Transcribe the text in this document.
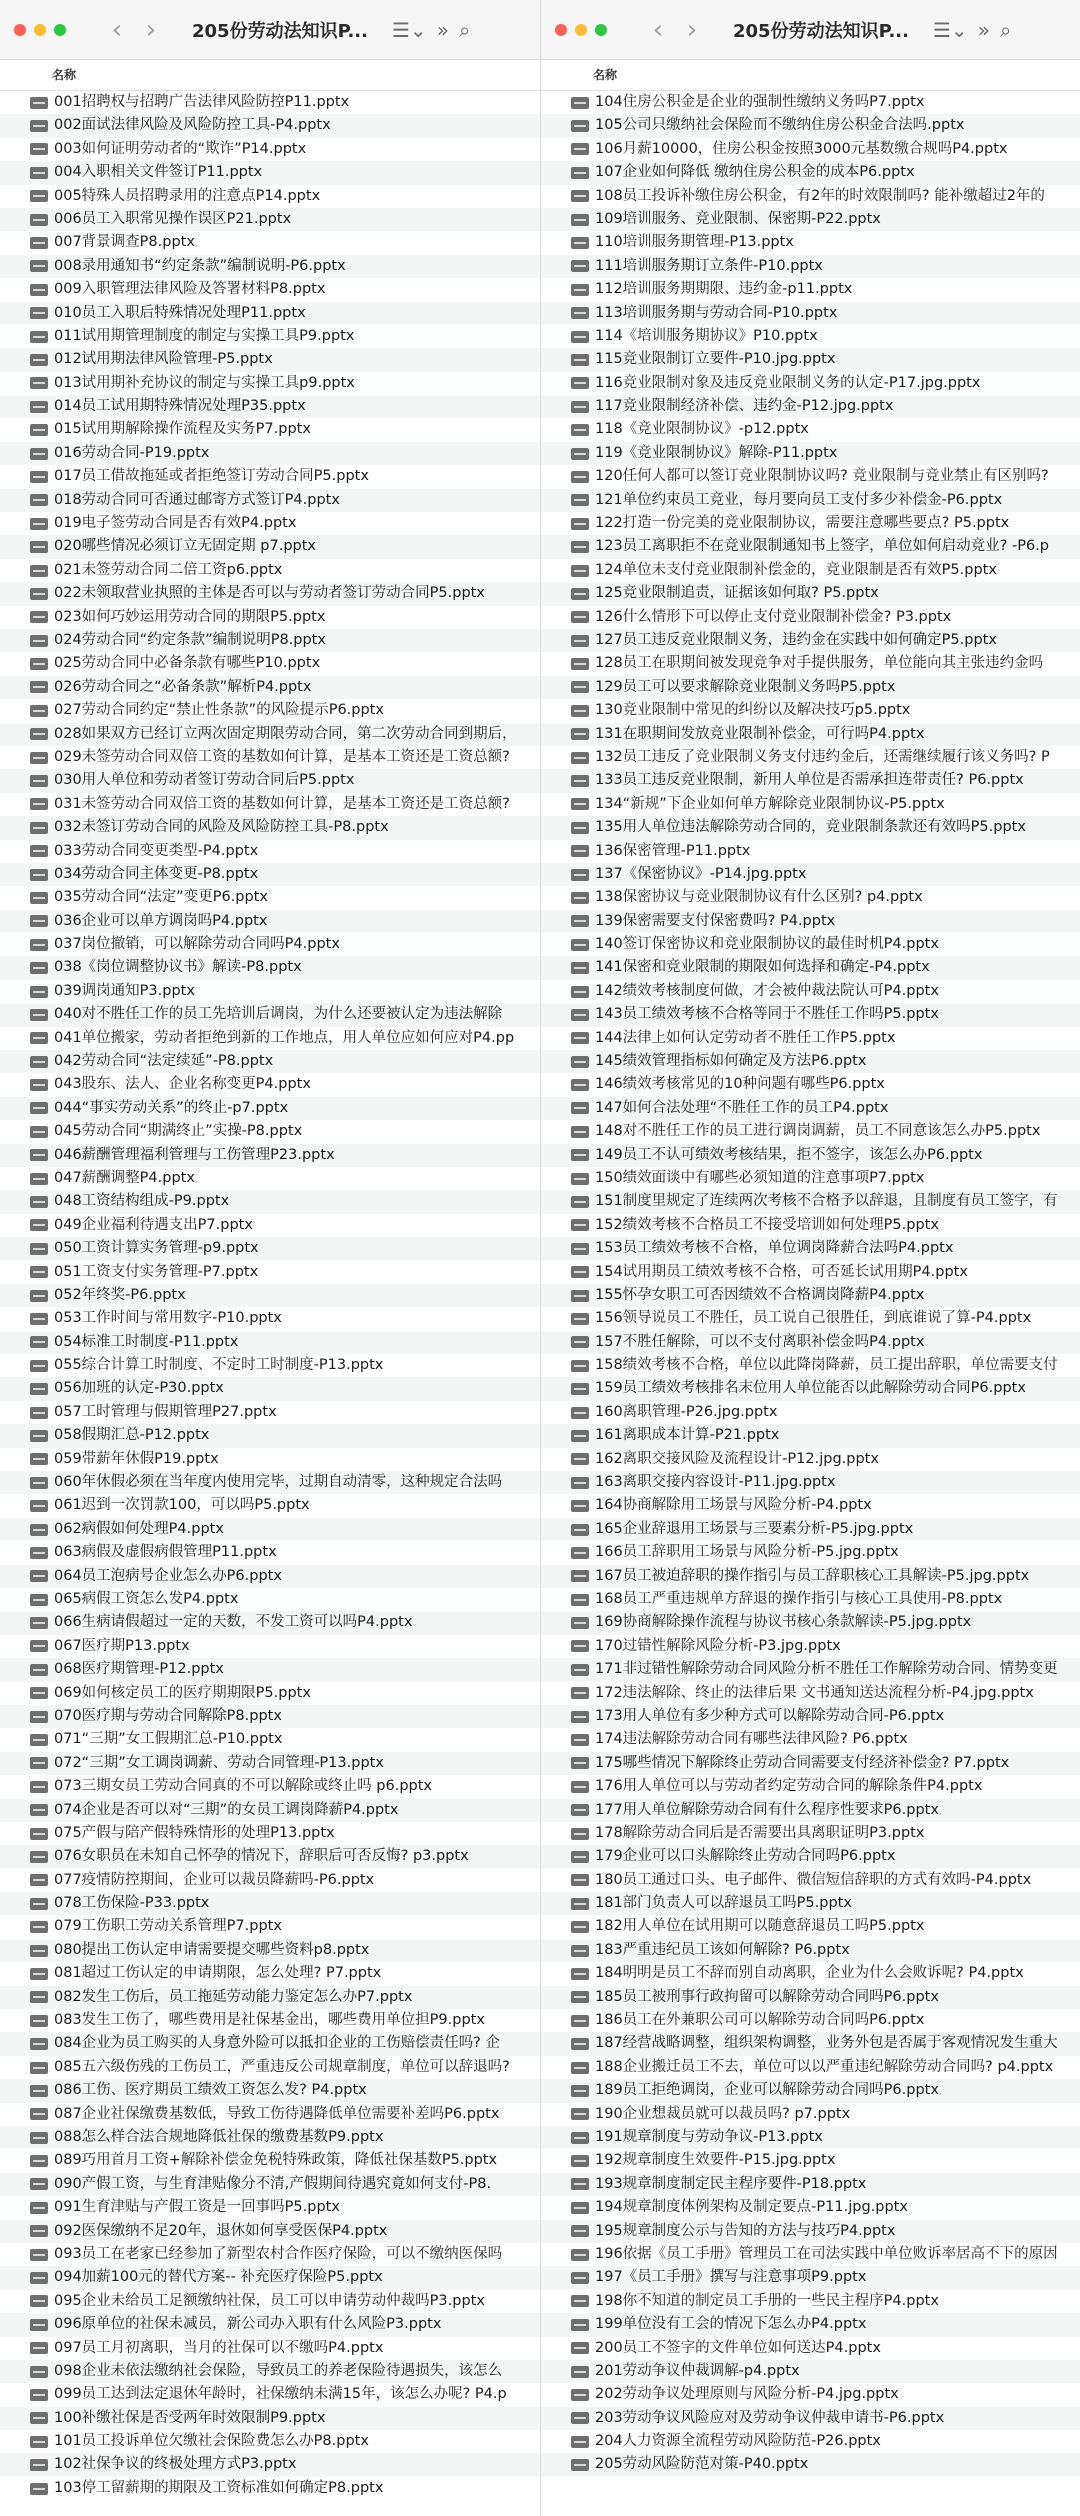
‹ ›	205份劳动法知识P...	☰⌄ » ⌕
名称
001招聘权与招聘广告法律风险防控P11.pptx
002面试法律风险及风险防控工具-P4.pptx
003如何证明劳动者的“欺诈”P14.pptx
004入职相关文件签订P11.pptx
005特殊人员招聘录用的注意点P14.pptx
006员工入职常见操作误区P21.pptx
007背景调查P8.pptx
008录用通知书“约定条款”编制说明-P6.pptx
009入职管理法律风险及答署材料P8.pptx
010员工入职后特殊情况处理P11.pptx
011试用期管理制度的制定与实操工具P9.pptx
012试用期法律风险管理-P5.pptx
013试用期补充协议的制定与实操工具p9.pptx
014员工试用期特殊情况处理P35.pptx
015试用期解除操作流程及实务P7.pptx
016劳动合同-P19.pptx
017员工借故拖延或者拒绝签订劳动合同P5.pptx
018劳动合同可否通过邮寄方式签订P4.pptx
019电子签劳动合同是否有效P4.pptx
020哪些情况必须订立无固定期 p7.pptx
021未签劳动合同二倍工资p6.pptx
022未领取营业执照的主体是否可以与劳动者签订劳动合同P5.pptx
023如何巧妙运用劳动合同的期限P5.pptx
024劳动合同“约定条款”编制说明P8.pptx
025劳动合同中必备条款有哪些P10.pptx
026劳动合同之“必备条款”解析P4.pptx
027劳动合同约定“禁止性条款”的风险提示P6.pptx
028如果双方已经订立两次固定期限劳动合同，第二次劳动合同到期后，
029未签劳动合同双倍工资的基数如何计算，是基本工资还是工资总额?
030用人单位和劳动者签订劳动合同后P5.pptx
031未签劳动合同双倍工资的基数如何计算，是基本工资还是工资总额?
032未签订劳动合同的风险及风险防控工具-P8.pptx
033劳动合同变更类型-P4.pptx
034劳动合同主体变更-P8.pptx
035劳动合同“法定”变更P6.pptx
036企业可以单方调岗吗P4.pptx
037岗位撤销，可以解除劳动合同吗P4.pptx
038《岗位调整协议书》解读-P8.pptx
039调岗通知P3.pptx
040对不胜任工作的员工先培训后调岗，为什么还要被认定为违法解除
041单位搬家，劳动者拒绝到新的工作地点，用人单位应如何应对P4.pp
042劳动合同“法定续延”-P8.pptx
043股东、法人、企业名称变更P4.pptx
044“事实劳动关系”的终止-p7.pptx
045劳动合同“期满终止”实操-P8.pptx
046薪酬管理福利管理与工伤管理P23.pptx
047薪酬调整P4.pptx
048工资结构组成-P9.pptx
049企业福利待遇支出P7.pptx
050工资计算实务管理-p9.pptx
051工资支付实务管理-P7.pptx
052年终奖-P6.pptx
053工作时间与常用数字-P10.pptx
054标准工时制度-P11.pptx
055综合计算工时制度、不定时工时制度-P13.pptx
056加班的认定-P30.pptx
057工时管理与假期管理P27.pptx
058假期汇总-P12.pptx
059带薪年休假P19.pptx
060年休假必须在当年度内使用完毕，过期自动清零，这种规定合法吗
061迟到一次罚款100，可以吗P5.pptx
062病假如何处理P4.pptx
063病假及虚假病假管理P11.pptx
064员工泡病号企业怎么办P6.pptx
065病假工资怎么发P4.pptx
066生病请假超过一定的天数，不发工资可以吗P4.pptx
067医疗期P13.pptx
068医疗期管理-P12.pptx
069如何核定员工的医疗期期限P5.pptx
070医疗期与劳动合同解除P8.pptx
071“三期”女工假期汇总-P10.pptx
072“三期”女工调岗调薪、劳动合同管理-P13.pptx
073三期女员工劳动合同真的不可以解除或终止吗 p6.pptx
074企业是否可以对“三期”的女员工调岗降薪P4.pptx
075产假与陪产假特殊情形的处理P13.pptx
076女职员在未知自己怀孕的情况下，辞职后可否反悔? p3.pptx
077疫情防控期间，企业可以裁员降薪吗-P6.pptx
078工伤保险-P33.pptx
079工伤职工劳动关系管理P7.pptx
080提出工伤认定申请需要提交哪些资料p8.pptx
081超过工伤认定的申请期限，怎么处理? P7.pptx
082发生工伤后，员工拖延劳动能力鉴定怎么办P7.pptx
083发生工伤了，哪些费用是社保基金出，哪些费用单位担P9.pptx
084企业为员工购买的人身意外险可以抵扣企业的工伤赔偿责任吗? 企
085五六级伤残的工伤员工，严重违反公司规章制度，单位可以辞退吗?
086工伤、医疗期员工绩效工资怎么发? P4.pptx
087企业社保缴费基数低，导致工伤待遇降低单位需要补差吗P6.pptx
088怎么样合法合规地降低社保的缴费基数P9.pptx
089巧用首月工资+解除补偿金免税特殊政策，降低社保基数P5.pptx
090产假工资，与生育津贴像分不清,产假期间待遇究竟如何支付-P8.
091生育津贴与产假工资是一回事吗P5.pptx
092医保缴纳不足20年，退休如何享受医保P4.pptx
093员工在老家已经参加了新型农村合作医疗保险，可以不缴纳医保吗
094加薪100元的替代方案-- 补充医疗保险P5.pptx
095企业未给员工足额缴纳社保，员工可以申请劳动仲裁吗P3.pptx
096原单位的社保未减员，新公司办入职有什么风险P3.pptx
097员工月初离职，当月的社保可以不缴吗P4.pptx
098企业未依法缴纳社会保险，导致员工的养老保险待遇损失，该怎么
099员工达到法定退休年龄时，社保缴纳未满15年，该怎么办呢? P4.p
100补缴社保是否受两年时效限制P9.pptx
101员工投诉单位欠缴社会保险费怎么办P8.pptx
102社保争议的终极处理方式P3.pptx
103停工留薪期的期限及工资标准如何确定P8.pptx
‹ ›	205份劳动法知识P...	☰⌄ » ⌕
名称
104住房公积金是企业的强制性缴纳义务吗P7.pptx
105公司只缴纳社会保险而不缴纳住房公积金合法吗.pptx
106月薪10000，住房公积金按照3000元基数缴合规吗P4.pptx
107企业如何降低 缴纳住房公积金的成本P6.pptx
108员工投诉补缴住房公积金，有2年的时效限制吗? 能补缴超过2年的
109培训服务、竞业限制、保密期-P22.pptx
110培训服务期管理-P13.pptx
111培训服务期订立条件-P10.pptx
112培训服务期期限、违约金-p11.pptx
113培训服务期与劳动合同-P10.pptx
114《培训服务期协议》P10.pptx
115竞业限制订立要件-P10.jpg.pptx
116竞业限制对象及违反竞业限制义务的认定-P17.jpg.pptx
117竞业限制经济补偿、违约金-P12.jpg.pptx
118《竞业限制协议》-p12.pptx
119《竞业限制协议》解除-P11.pptx
120任何人都可以签订竞业限制协议吗? 竞业限制与竞业禁止有区别吗?
121单位约束员工竞业，每月要向员工支付多少补偿金-P6.pptx
122打造一份完美的竞业限制协议，需要注意哪些要点? P5.pptx
123员工离职拒不在竞业限制通知书上签字，单位如何启动竞业? -P6.p
124单位未支付竞业限制补偿金的，竞业限制是否有效P5.pptx
125竞业限制追责，证据该如何取? P5.pptx
126什么情形下可以停止支付竞业限制补偿金? P3.pptx
127员工违反竞业限制义务，违约金在实践中如何确定P5.pptx
128员工在职期间被发现竞争对手提供服务，单位能向其主张违约金吗
129员工可以要求解除竞业限制义务吗P5.pptx
130竞业限制中常见的纠纷以及解决技巧p5.pptx
131在职期间发放竞业限制补偿金，可行吗P4.pptx
132员工违反了竞业限制义务支付违约金后，还需继续履行该义务吗? P
133员工违反竞业限制，新用人单位是否需承担连带责任? P6.pptx
134“新规”下企业如何单方解除竞业限制协议-P5.pptx
135用人单位违法解除劳动合同的，竞业限制条款还有效吗P5.pptx
136保密管理-P11.pptx
137《保密协议》-P14.jpg.pptx
138保密协议与竞业限制协议有什么区别? p4.pptx
139保密需要支付保密费吗? P4.pptx
140签订保密协议和竞业限制协议的最佳时机P4.pptx
141保密和竞业限制的期限如何选择和确定-P4.pptx
142绩效考核制度何做，才会被仲裁法院认可P4.pptx
143员工绩效考核不合格等同于不胜任工作吗P5.pptx
144法律上如何认定劳动者不胜任工作P5.pptx
145绩效管理指标如何确定及方法P6.pptx
146绩效考核常见的10种问题有哪些P6.pptx
147如何合法处理“不胜任工作的员工P4.pptx
148对不胜任工作的员工进行调岗调薪，员工不同意该怎么办P5.pptx
149员工不认可绩效考核结果，拒不签字，该怎么办P6.pptx
150绩效面谈中有哪些必须知道的注意事项P7.pptx
151制度里规定了连续两次考核不合格予以辞退，且制度有员工签字，有
152绩效考核不合格员工不接受培训如何处理P5.pptx
153员工绩效考核不合格，单位调岗降薪合法吗P4.pptx
154试用期员工绩效考核不合格，可否延长试用期P4.pptx
155怀孕女职工可否因绩效不合格调岗降薪P4.pptx
156领导说员工不胜任，员工说自己很胜任，到底谁说了算-P4.pptx
157不胜任解除，可以不支付离职补偿金吗P4.pptx
158绩效考核不合格，单位以此降岗降薪，员工提出辞职，单位需要支付
159员工绩效考核排名末位用人单位能否以此解除劳动合同P6.pptx
160离职管理-P26.jpg.pptx
161离职成本计算-P21.pptx
162离职交接风险及流程设计-P12.jpg.pptx
163离职交接内容设计-P11.jpg.pptx
164协商解除用工场景与风险分析-P4.pptx
165企业辞退用工场景与三要素分析-P5.jpg.pptx
166员工辞职用工场景与风险分析-P5.jpg.pptx
167员工被迫辞职的操作指引与员工辞职核心工具解读-P5.jpg.pptx
168员工严重违规单方辞退的操作指引与核心工具使用-P8.pptx
169协商解除操作流程与协议书核心条款解读-P5.jpg.pptx
170过错性解除风险分析-P3.jpg.pptx
171非过错性解除劳动合同风险分析不胜任工作解除劳动合同、情势变更
172违法解除、终止的法律后果 文书通知送达流程分析-P4.jpg.pptx
173用人单位有多少种方式可以解除劳动合同-P6.pptx
174违法解除劳动合同有哪些法律风险? P6.pptx
175哪些情况下解除终止劳动合同需要支付经济补偿金? P7.pptx
176用人单位可以与劳动者约定劳动合同的解除条件P4.pptx
177用人单位解除劳动合同有什么程序性要求P6.pptx
178解除劳动合同后是否需要出具离职证明P3.pptx
179企业可以口头解除终止劳动合同吗P6.pptx
180员工通过口头、电子邮件、微信短信辞职的方式有效吗-P4.pptx
181部门负责人可以辞退员工吗P5.pptx
182用人单位在试用期可以随意辞退员工吗P5.pptx
183严重违纪员工该如何解除? P6.pptx
184明明是员工不辞而别自动离职，企业为什么会败诉呢? P4.pptx
185员工被刑事行政拘留可以解除劳动合同吗P6.pptx
186员工在外兼职公司可以解除劳动合同吗P6.pptx
187经营战略调整，组织架构调整，业务外包是否属于客观情况发生重大
188企业搬迁员工不去，单位可以以严重违纪解除劳动合同吗? p4.pptx
189员工拒绝调岗，企业可以解除劳动合同吗P6.pptx
190企业想裁员就可以裁员吗? p7.pptx
191规章制度与劳动争议-P13.pptx
192规章制度生效要件-P15.jpg.pptx
193规章制度制定民主程序要件-P18.pptx
194规章制度体例架构及制定要点-P11.jpg.pptx
195规章制度公示与告知的方法与技巧P4.pptx
196依据《员工手册》管理员工在司法实践中单位败诉率居高不下的原因
197《员工手册》撰写与注意事项P9.pptx
198你不知道的制定员工手册的一些民主程序P4.pptx
199单位没有工会的情况下怎么办P4.pptx
200员工不签字的文件单位如何送达P4.pptx
201劳动争议仲裁调解-p4.pptx
202劳动争议处理原则与风险分析-P4.jpg.pptx
203劳动争议风险应对及劳动争议仲裁申请书-P6.pptx
204人力资源全流程劳动风险防范-P26.pptx
205劳动风险防范对策-P40.pptx
